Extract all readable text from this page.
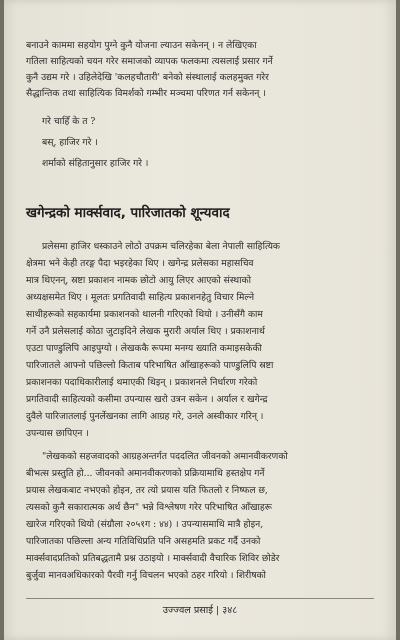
बनाउने काममा सहयोग पुग्ने कुनै योजना ल्याउन सकेनन् । न लेखिएका
गतिला साहित्यको चयन गरेर समाजको व्यापक फलकमा त्यसलाई प्रसार गर्ने
कुनै उद्यम गरे । उहिलेदेखि 'कलहचौतारी' बनेको संस्थालाई कलहमुक्त गरेर
सैद्धान्तिक तथा साहित्यिक विमर्शको गम्भीर मञ्चमा परिणत गर्न सकेनन् ।
गरे चाहिँ के त ?
बस्, हाजिर गरे ।
शर्माको संहितानुसार हाजिर गरे ।
खगेन्द्रको मार्क्सवाद, पारिजातको शून्यवाद
प्रलेसमा हाजिर धस्काउने लोठो उपक्रम चलिरहेका बेला नेपाली साहित्यिक
क्षेत्रमा भने केही तरङ्ग पैदा भइरहेका थिए । खगेन्द्र प्रलेसका महासचिव
मात्र थिएनन्, स्रष्टा प्रकाशन नामक छोटो आयु लिएर आएको संस्थाको
अध्यक्षसमेत थिए । मूलतः प्रगतिवादी साहित्य प्रकाशनहेतु विचार मिल्ने
साथीहरूको सहकार्यमा प्रकाशनको थालनी गरिएको थियो । उनीसँगै काम
गर्ने उनै प्रलेसलाई कोठा जुटाइदिने लेखक मुरारी अर्याल थिए । प्रकाशनार्थ
एउटा पाण्डुलिपि आइपुग्यो । लेखककै रूपमा मनग्य ख्याति कमाइसकेकी
पारिजातले आफ्नो पछिल्लो किताब परिभाषित आँखाहरूको पाण्डुलिपि स्रष्टा
प्रकाशनका पदाधिकारीलाई थमाएकी थिइन् । प्रकाशनले निर्धारण गरेको
प्रगतिवादी साहित्यको कसीमा उपन्यास खरो उत्रन सकेन । अर्याल र खगेन्द्र
दुवैले पारिजातलाई पुनर्लेखनका लागि आग्रह गरे, उनले अस्वीकार गरिन् ।
उपन्यास छापिएन ।
"लेखकको सहजवादको आग्रहअन्तर्गत पददलित जीवनको अमानवीकरणको
बीभत्स प्रस्तुति हो... जीवनको अमानवीकरणको प्रक्रियामाथि हस्तक्षेप गर्ने
प्रयास लेखकबाट नभएको होइन, तर त्यो प्रयास यति फितलो र निष्फल छ,
त्यसको कुनै सकारात्मक अर्थ छैन" भन्ने विश्लेषण गरेर परिभाषित आँखाहरू
खारेज गरिएको थियो (संग्रौला २०५१ग : ४४) । उपन्यासमाथि मात्रै होइन,
पारिजातका पछिल्ला अन्य गतिविधिप्रति पनि असहमति प्रकट गर्दै उनको
मार्क्सवादप्रतिको प्रतिबद्धतामै प्रश्न उठाइयो । मार्क्सवादी वैचारिक शिविर छोडेर
बुर्जुवा मानवअधिकारको पैरवी गर्नु विचलन भएको ठहर गरियो । शिरीषको
उज्ज्वल प्रसाई | ३४८
